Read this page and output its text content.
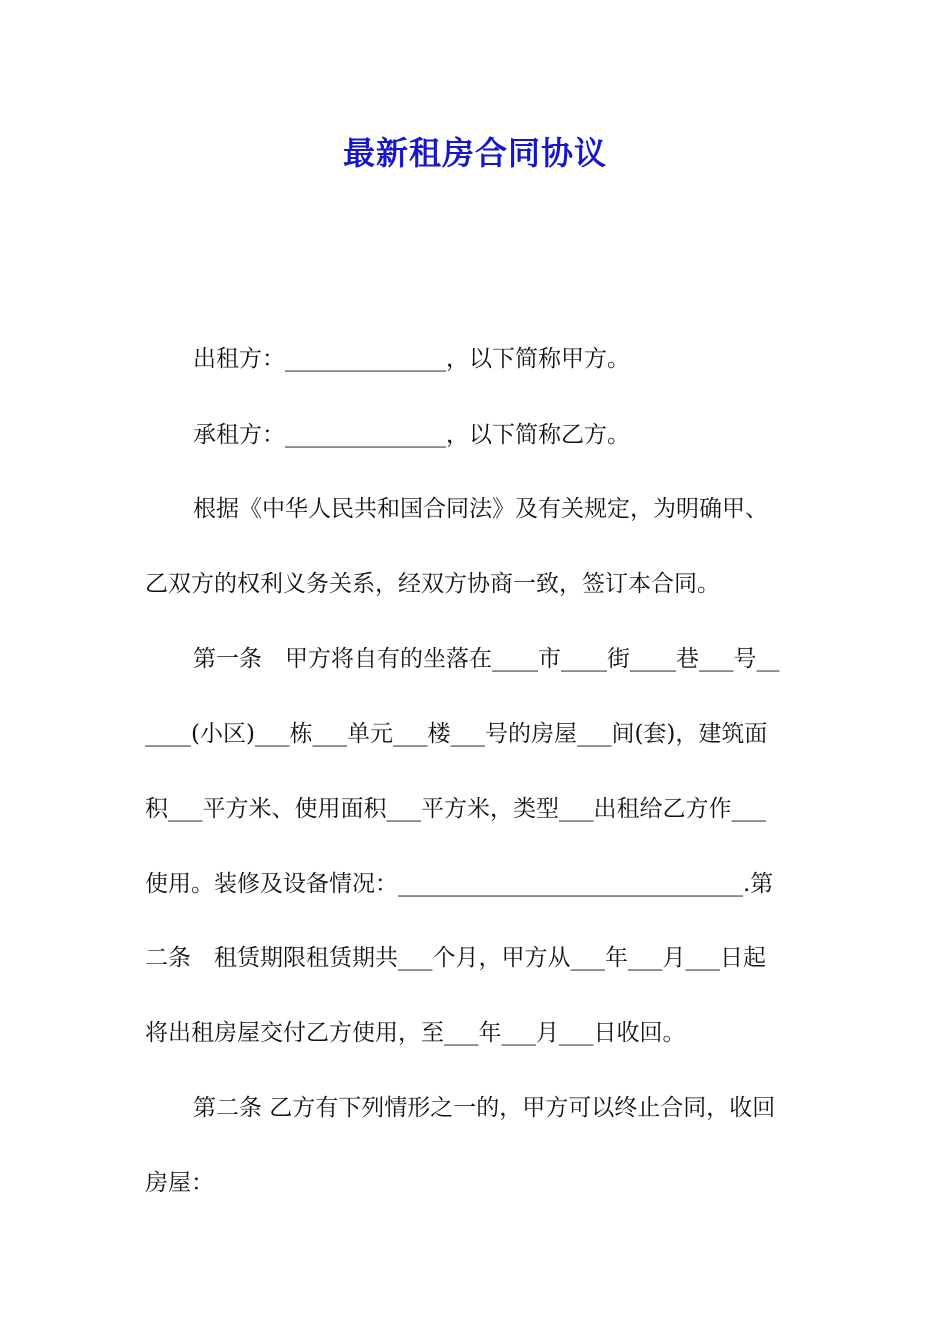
最新租房合同协议
出租方：______________，以下简称甲方。
承租方：______________，以下简称乙方。
根据《中华人民共和国合同法》及有关规定，为明确甲、
乙双方的权利义务关系，经双方协商一致，签订本合同。
第一条　甲方将自有的坐落在____市____街____巷___号__
____(小区)___栋___单元___楼___号的房屋___间(套)，建筑面
积___平方米、使用面积___平方米，类型___出租给乙方作___
使用。装修及设备情况：______________________________.第
二条　租赁期限租赁期共___个月，甲方从___年___月___日起
将出租房屋交付乙方使用，至___年___月___日收回。
第二条 乙方有下列情形之一的，甲方可以终止合同，收回
房屋：
